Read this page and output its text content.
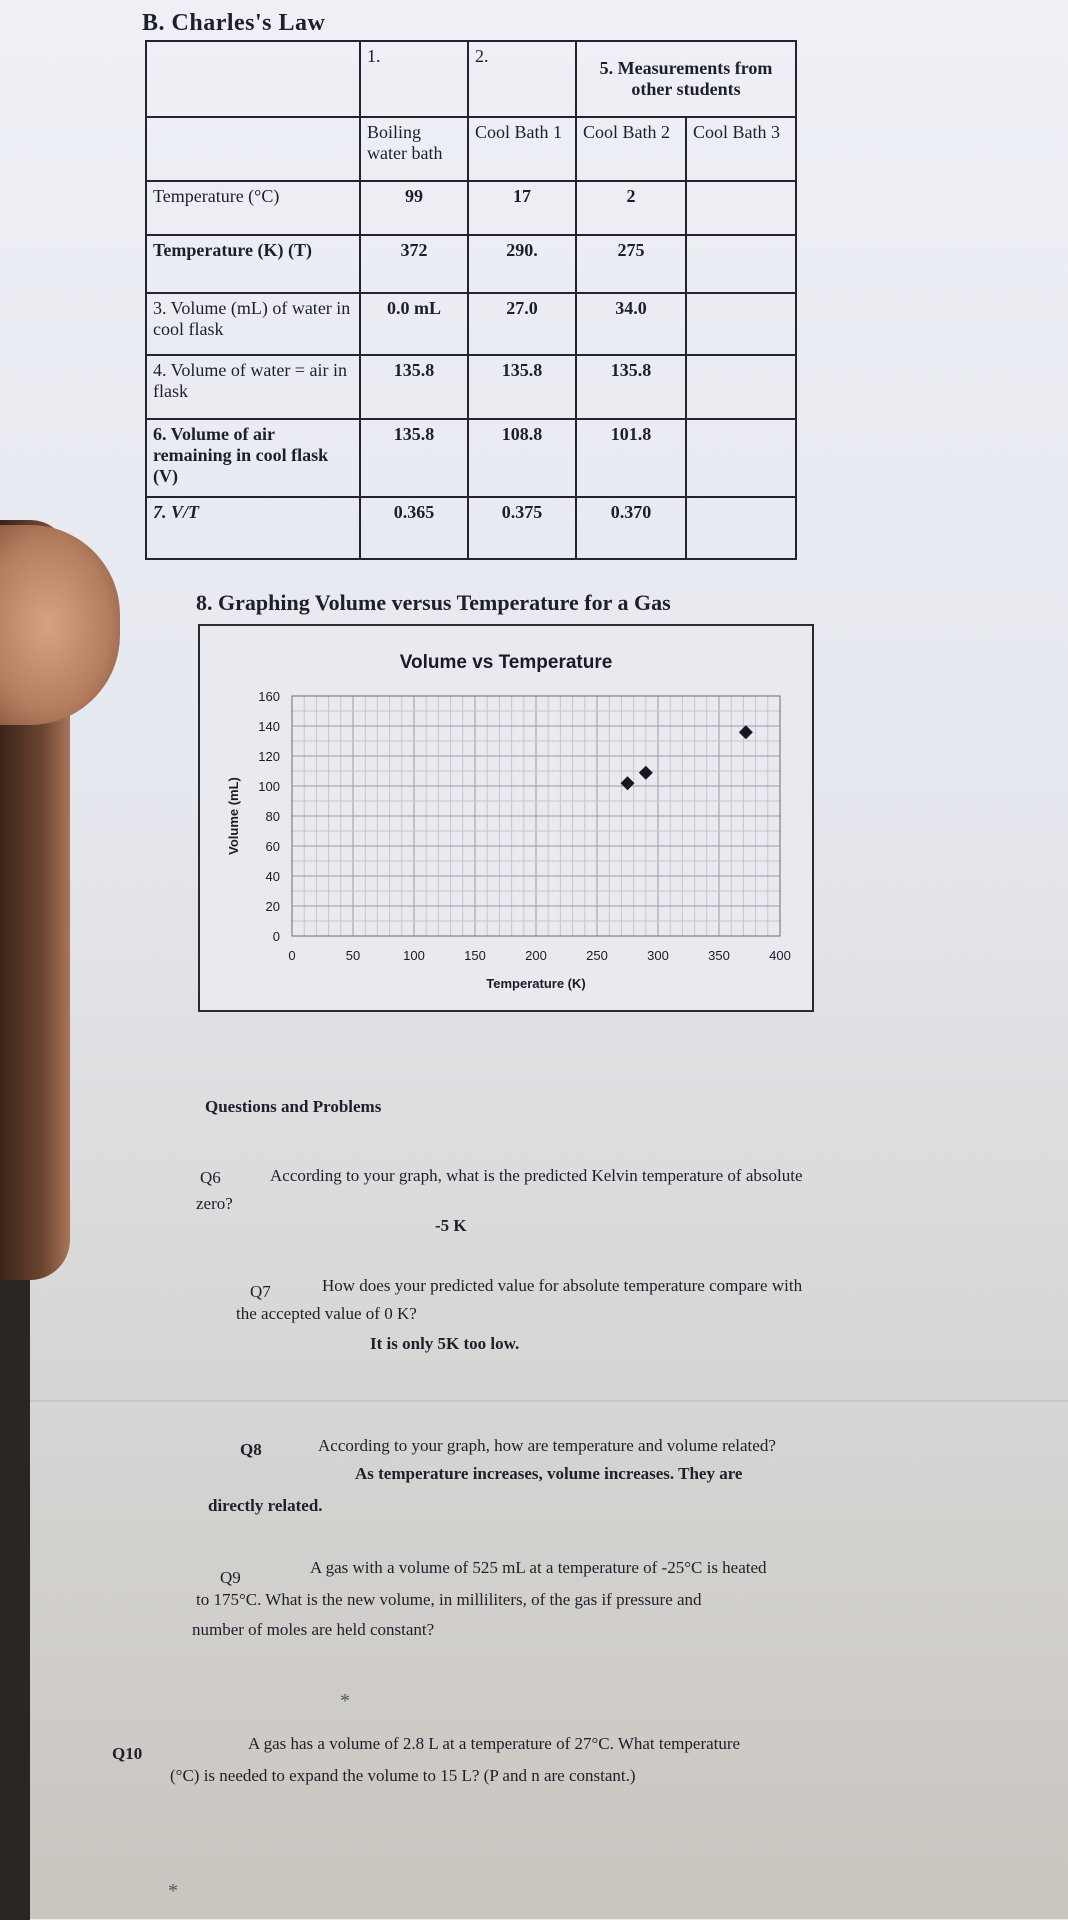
B. Charles's Law
	1.	2.	5. Measurements from other students	
	Boiling water bath	Cool Bath 1	Cool Bath 2	Cool Bath 3
Temperature (°C)	99	17	2	
Temperature (K) (T)	372	290.	275	
3. Volume (mL) of water in cool flask	0.0 mL	27.0	34.0	
4. Volume of water = air in flask	135.8	135.8	135.8	
6. Volume of air remaining in cool flask (V)	135.8	108.8	101.8	
7. V/T	0.365	0.375	0.370	
8. Graphing Volume versus Temperature for a Gas
Volume vs Temperature
0	50	100	150	200	250	300	350	400
0
20
40
60
80
100
120
140
160
Temperature (K)
Volume (mL)
Questions and Problems
Q6	According to your graph, what is the predicted Kelvin temperature of absolute
zero?
-5 K
Q7	How does your predicted value for absolute temperature compare with
the accepted value of 0 K?
It is only 5K too low.
Q8	According to your graph, how are temperature and volume related?
As temperature increases, volume increases. They are
directly related.
Q9
A gas with a volume of 525 mL at a temperature of -25°C is heated
to 175°C. What is the new volume, in milliliters, of the gas if pressure and
number of moles are held constant?
*
Q10
A gas has a volume of 2.8 L at a temperature of 27°C. What temperature
(°C) is needed to expand the volume to 15 L? (P and n are constant.)
*
